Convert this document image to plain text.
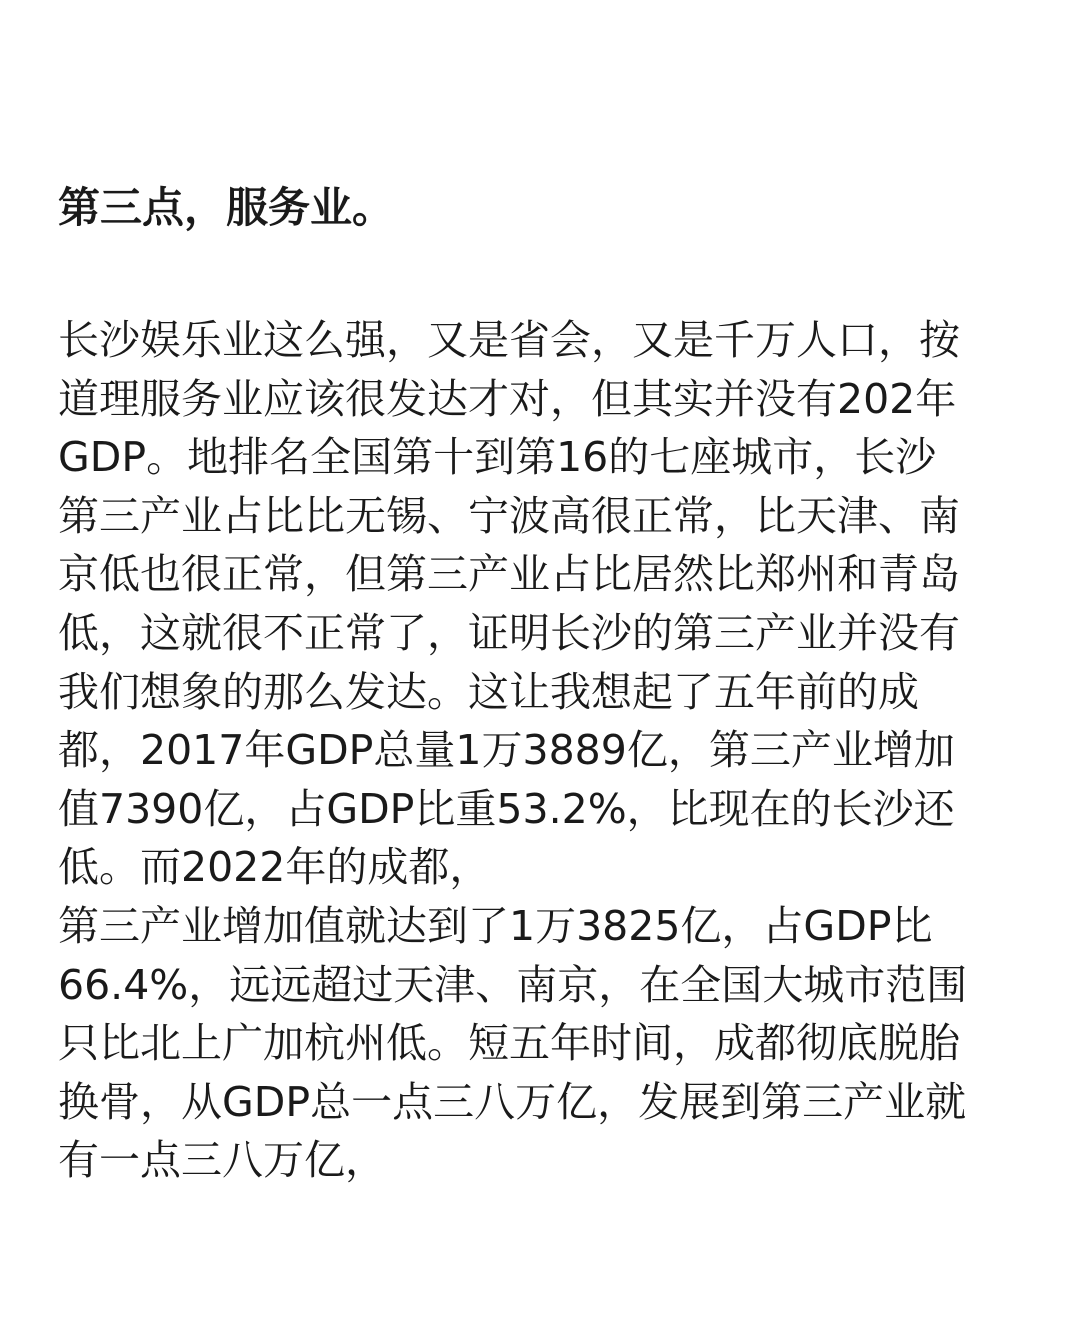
第三点，服务业。

长沙娱乐业这么强，又是省会，又是千万人口，按
道理服务业应该很发达才对，但其实并没有202年
GDP。地排名全国第十到第16的七座城市，长沙
第三产业占比比无锡、宁波高很正常，比天津、南
京低也很正常，但第三产业占比居然比郑州和青岛
低，这就很不正常了，证明长沙的第三产业并没有
我们想象的那么发达。这让我想起了五年前的成
都，2017年GDP总量1万3889亿，第三产业增加
值7390亿，占GDP比重53.2%，比现在的长沙还
低。而2022年的成都，

第三产业增加值就达到了1万3825亿，占GDP比
66.4%，远远超过天津、南京，在全国大城市范围
只比北上广加杭州低。短五年时间，成都彻底脱胎
换骨，从GDP总一点三八万亿，发展到第三产业就
有一点三八万亿，
